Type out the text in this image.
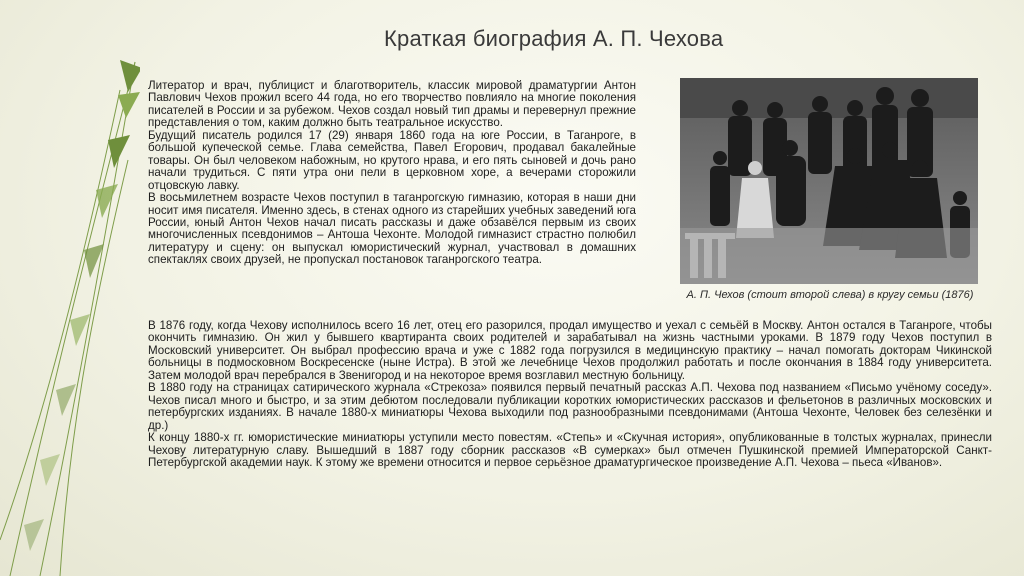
Краткая биография А. П. Чехова

Литератор и врач, публицист и благотворитель, классик мировой драматургии Антон Павлович Чехов прожил всего 44 года, но его творчество повлияло на многие поколения писателей в России и за рубежом. Чехов создал новый тип драмы и перевернул прежние представления о том, каким должно быть театральное искусство.

Будущий писатель родился 17 (29) января 1860 года на юге России, в Таганроге, в большой купеческой семье. Глава семейства, Павел Егорович, продавал бакалейные товары. Он был человеком набожным, но крутого нрава, и его пять сыновей и дочь рано начали трудиться. С пяти утра они пели в церковном хоре, а вечерами сторожили отцовскую лавку.

В восьмилетнем возрасте Чехов поступил в таганрогскую гимназию, которая в наши дни носит имя писателя. Именно здесь, в стенах одного из старейших учебных заведений юга России, юный Антон Чехов начал писать рассказы и даже обзавёлся первым из своих многочисленных псевдонимов – Антоша Чехонте. Молодой гимназист страстно полюбил литературу и сцену: он выпускал юмористический журнал, участвовал в домашних спектаклях своих друзей, не пропускал постановок таганрогского театра.

А. П. Чехов (стоит второй слева) в кругу семьи (1876)

В 1876 году, когда Чехову исполнилось всего 16 лет, отец его разорился, продал имущество и уехал с семьёй в Москву. Антон остался в Таганроге, чтобы окончить гимназию. Он жил у бывшего квартиранта своих родителей и зарабатывал на жизнь частными уроками. В 1879 году Чехов поступил в Московский университет. Он выбрал профессию врача и уже с 1882 года погрузился в медицинскую практику – начал помогать докторам Чикинской больницы в подмосковном Воскресенске (ныне Истра). В этой же лечебнице Чехов продолжил работать и после окончания в 1884 году университета. Затем молодой врач перебрался в Звенигород и на некоторое время возглавил местную больницу.

В 1880 году на страницах сатирического журнала «Стрекоза» появился первый печатный рассказ А.П. Чехова под названием «Письмо учёному соседу». Чехов писал много и быстро, и за этим дебютом последовали публикации коротких юмористических рассказов и фельетонов в различных московских и петербургских изданиях. В начале 1880-х миниатюры Чехова выходили под разнообразными псевдонимами (Антоша Чехонте, Человек без селезёнки и др.)

К концу 1880-х гг. юмористические миниатюры уступили место повестям. «Степь» и «Скучная история», опубликованные в толстых журналах, принесли Чехову литературную славу. Вышедший в 1887 году сборник рассказов «В сумерках» был отмечен Пушкинской премией Императорской Санкт-Петербургской академии наук. К этому же времени относится и первое серьёзное драматургическое произведение А.П. Чехова – пьеса «Иванов».
